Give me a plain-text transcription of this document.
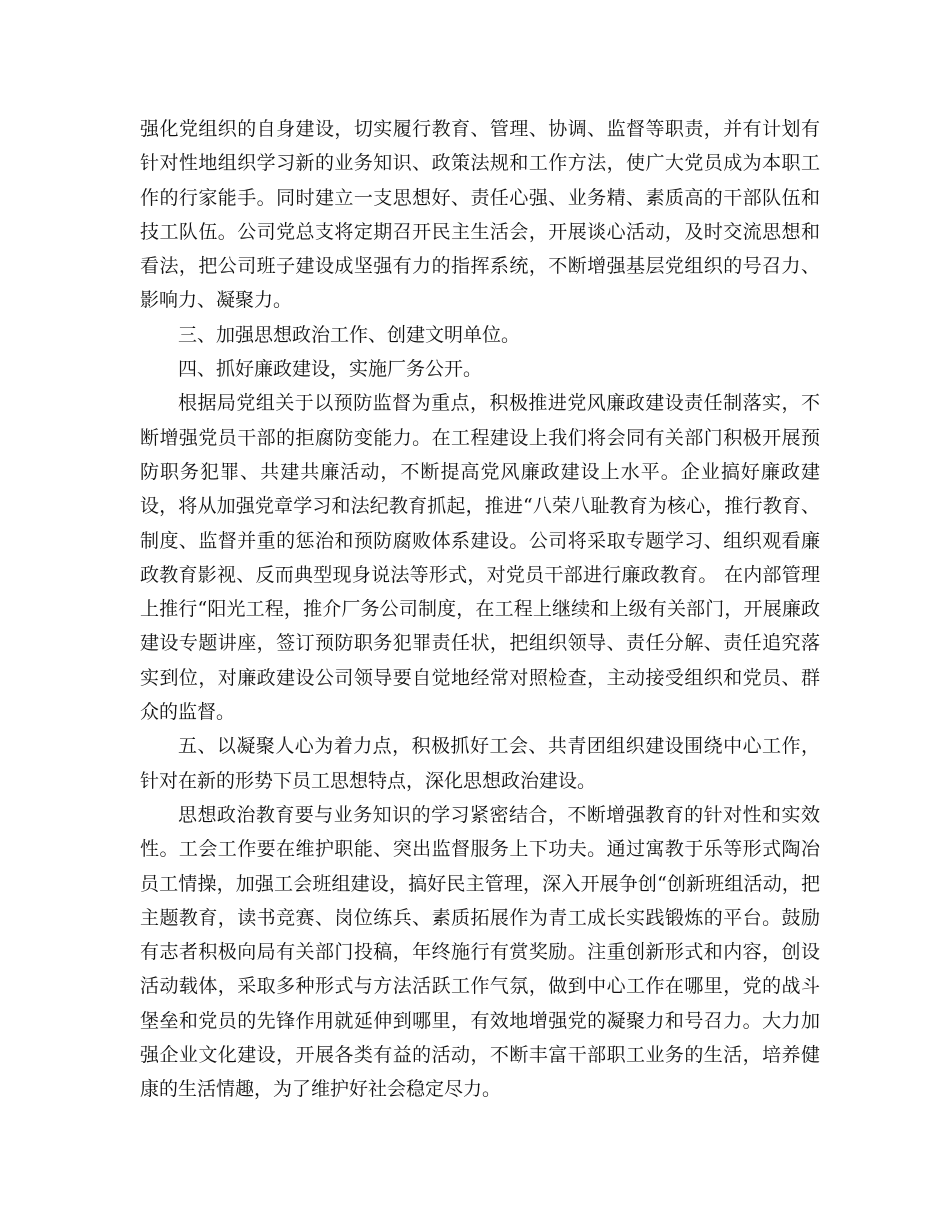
强化党组织的自身建设，切实履行教育、管理、协调、监督等职责，并有计划有针对性地组织学习新的业务知识、政策法规和工作方法，使广大党员成为本职工作的行家能手。同时建立一支思想好、责任心强、业务精、素质高的干部队伍和技工队伍。公司党总支将定期召开民主生活会，开展谈心活动，及时交流思想和看法，把公司班子建设成坚强有力的指挥系统，不断增强基层党组织的号召力、影响力、凝聚力。

三、加强思想政治工作、创建文明单位。

四、抓好廉政建设，实施厂务公开。

根据局党组关于以预防监督为重点，积极推进党风廉政建设责任制落实，不断增强党员干部的拒腐防变能力。在工程建设上我们将会同有关部门积极开展预防职务犯罪、共建共廉活动，不断提高党风廉政建设上水平。企业搞好廉政建设，将从加强党章学习和法纪教育抓起，推进“八荣八耻教育为核心，推行教育、制度、监督并重的惩治和预防腐败体系建设。公司将采取专题学习、组织观看廉政教育影视、反而典型现身说法等形式，对党员干部进行廉政教育。 在内部管理上推行“阳光工程，推介厂务公司制度，在工程上继续和上级有关部门，开展廉政建设专题讲座，签订预防职务犯罪责任状，把组织领导、责任分解、责任追究落实到位，对廉政建设公司领导要自觉地经常对照检查，主动接受组织和党员、群众的监督。

五、以凝聚人心为着力点，积极抓好工会、共青团组织建设围绕中心工作，针对在新的形势下员工思想特点，深化思想政治建设。

思想政治教育要与业务知识的学习紧密结合，不断增强教育的针对性和实效性。工会工作要在维护职能、突出监督服务上下功夫。通过寓教于乐等形式陶冶员工情操，加强工会班组建设，搞好民主管理，深入开展争创“创新班组活动，把主题教育，读书竞赛、岗位练兵、素质拓展作为青工成长实践锻炼的平台。鼓励有志者积极向局有关部门投稿，年终施行有赏奖励。注重创新形式和内容，创设活动载体，采取多种形式与方法活跃工作气氛，做到中心工作在哪里，党的战斗堡垒和党员的先锋作用就延伸到哪里，有效地增强党的凝聚力和号召力。大力加强企业文化建设，开展各类有益的活动，不断丰富干部职工业务的生活，培养健康的生活情趣，为了维护好社会稳定尽力。
